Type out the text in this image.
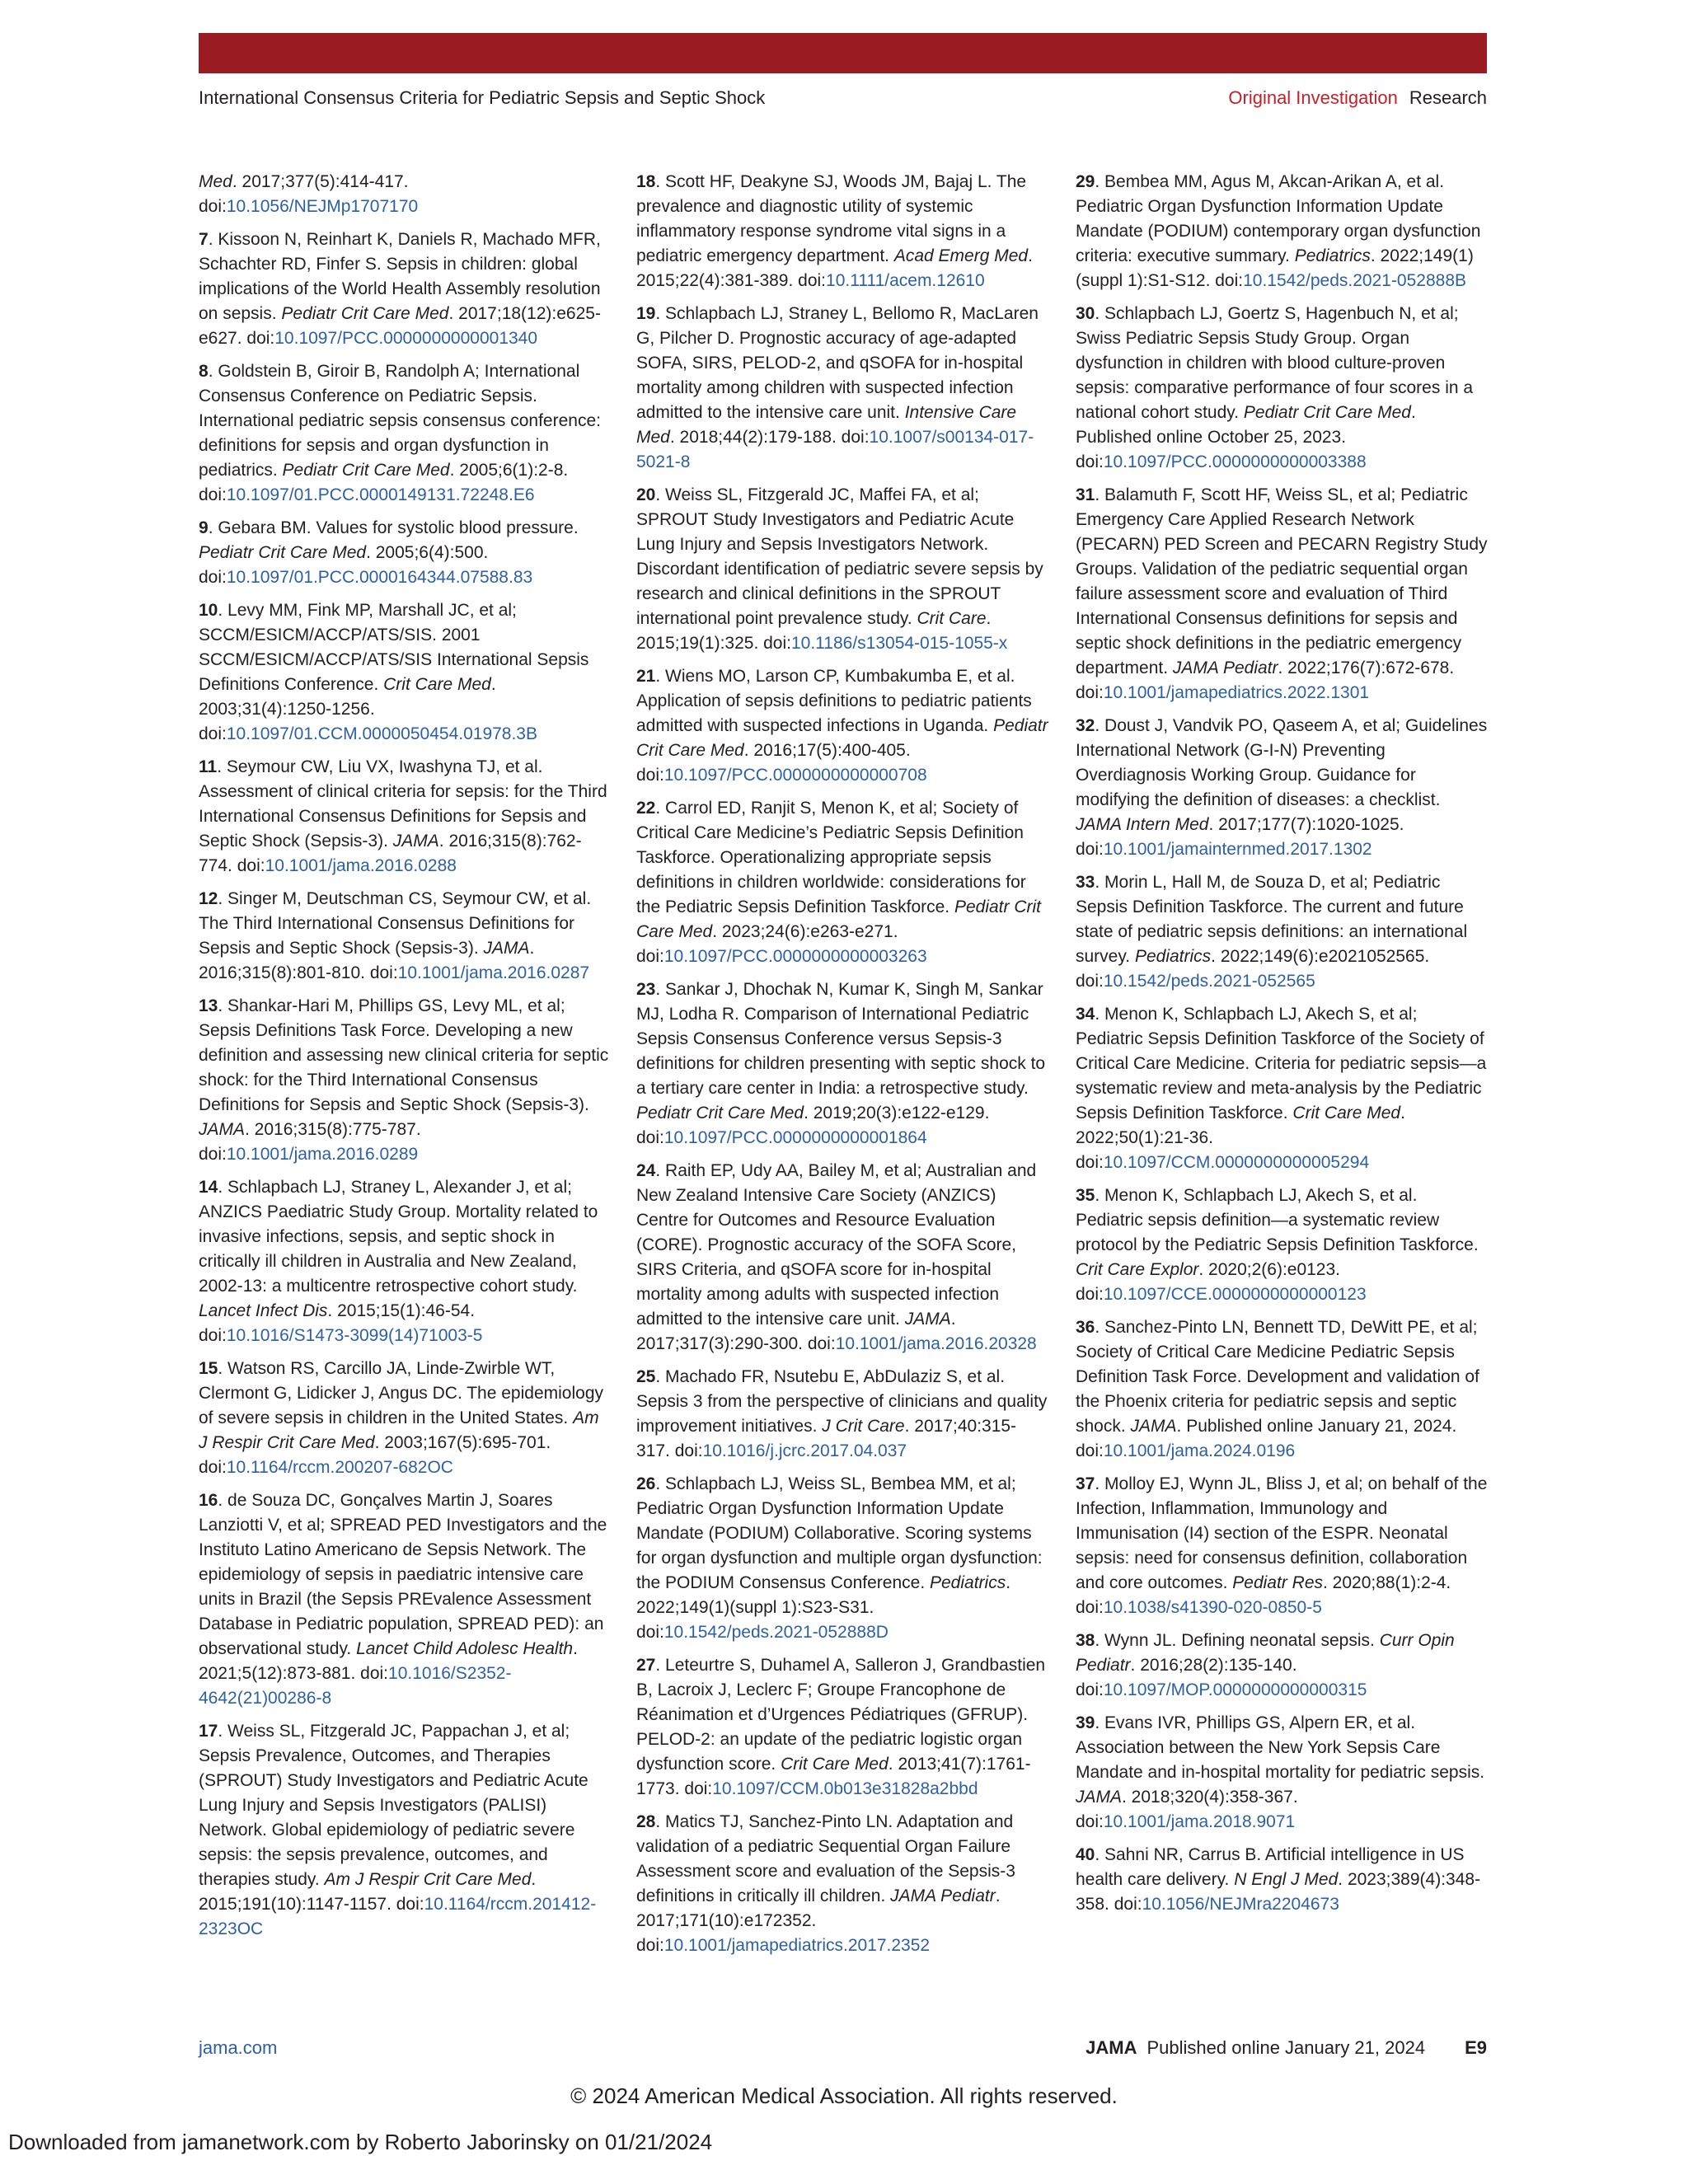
International Consensus Criteria for Pediatric Sepsis and Septic Shock	Original Investigation Research

Med. 2017;377(5):414-417. doi:10.1056/NEJMp1707170

7. Kissoon N, Reinhart K, Daniels R, Machado MFR, Schachter RD, Finfer S. Sepsis in children: global implications of the World Health Assembly resolution on sepsis. Pediatr Crit Care Med. 2017;18(12):e625-e627. doi:10.1097/PCC.0000000000001340

8. Goldstein B, Giroir B, Randolph A; International Consensus Conference on Pediatric Sepsis. International pediatric sepsis consensus conference: definitions for sepsis and organ dysfunction in pediatrics. Pediatr Crit Care Med. 2005;6(1):2-8. doi:10.1097/01.PCC.0000149131.72248.E6

9. Gebara BM. Values for systolic blood pressure. Pediatr Crit Care Med. 2005;6(4):500. doi:10.1097/01.PCC.0000164344.07588.83

10. Levy MM, Fink MP, Marshall JC, et al; SCCM/ESICM/ACCP/ATS/SIS. 2001 SCCM/ESICM/ACCP/ATS/SIS International Sepsis Definitions Conference. Crit Care Med. 2003;31(4):1250-1256. doi:10.1097/01.CCM.0000050454.01978.3B

11. Seymour CW, Liu VX, Iwashyna TJ, et al. Assessment of clinical criteria for sepsis: for the Third International Consensus Definitions for Sepsis and Septic Shock (Sepsis-3). JAMA. 2016;315(8):762-774. doi:10.1001/jama.2016.0288

12. Singer M, Deutschman CS, Seymour CW, et al. The Third International Consensus Definitions for Sepsis and Septic Shock (Sepsis-3). JAMA. 2016;315(8):801-810. doi:10.1001/jama.2016.0287

13. Shankar-Hari M, Phillips GS, Levy ML, et al; Sepsis Definitions Task Force. Developing a new definition and assessing new clinical criteria for septic shock: for the Third International Consensus Definitions for Sepsis and Septic Shock (Sepsis-3). JAMA. 2016;315(8):775-787. doi:10.1001/jama.2016.0289

14. Schlapbach LJ, Straney L, Alexander J, et al; ANZICS Paediatric Study Group. Mortality related to invasive infections, sepsis, and septic shock in critically ill children in Australia and New Zealand, 2002-13: a multicentre retrospective cohort study. Lancet Infect Dis. 2015;15(1):46-54. doi:10.1016/S1473-3099(14)71003-5

15. Watson RS, Carcillo JA, Linde-Zwirble WT, Clermont G, Lidicker J, Angus DC. The epidemiology of severe sepsis in children in the United States. Am J Respir Crit Care Med. 2003;167(5):695-701. doi:10.1164/rccm.200207-682OC

16. de Souza DC, Gonçalves Martin J, Soares Lanziotti V, et al; SPREAD PED Investigators and the Instituto Latino Americano de Sepsis Network. The epidemiology of sepsis in paediatric intensive care units in Brazil (the Sepsis PREvalence Assessment Database in Pediatric population, SPREAD PED): an observational study. Lancet Child Adolesc Health. 2021;5(12):873-881. doi:10.1016/S2352-4642(21)00286-8

17. Weiss SL, Fitzgerald JC, Pappachan J, et al; Sepsis Prevalence, Outcomes, and Therapies (SPROUT) Study Investigators and Pediatric Acute Lung Injury and Sepsis Investigators (PALISI) Network. Global epidemiology of pediatric severe sepsis: the sepsis prevalence, outcomes, and therapies study. Am J Respir Crit Care Med. 2015;191(10):1147-1157. doi:10.1164/rccm.201412-2323OC

18. Scott HF, Deakyne SJ, Woods JM, Bajaj L. The prevalence and diagnostic utility of systemic inflammatory response syndrome vital signs in a pediatric emergency department. Acad Emerg Med. 2015;22(4):381-389. doi:10.1111/acem.12610

19. Schlapbach LJ, Straney L, Bellomo R, MacLaren G, Pilcher D. Prognostic accuracy of age-adapted SOFA, SIRS, PELOD-2, and qSOFA for in-hospital mortality among children with suspected infection admitted to the intensive care unit. Intensive Care Med. 2018;44(2):179-188. doi:10.1007/s00134-017-5021-8

20. Weiss SL, Fitzgerald JC, Maffei FA, et al; SPROUT Study Investigators and Pediatric Acute Lung Injury and Sepsis Investigators Network. Discordant identification of pediatric severe sepsis by research and clinical definitions in the SPROUT international point prevalence study. Crit Care. 2015;19(1):325. doi:10.1186/s13054-015-1055-x

21. Wiens MO, Larson CP, Kumbakumba E, et al. Application of sepsis definitions to pediatric patients admitted with suspected infections in Uganda. Pediatr Crit Care Med. 2016;17(5):400-405. doi:10.1097/PCC.0000000000000708

22. Carrol ED, Ranjit S, Menon K, et al; Society of Critical Care Medicine’s Pediatric Sepsis Definition Taskforce. Operationalizing appropriate sepsis definitions in children worldwide: considerations for the Pediatric Sepsis Definition Taskforce. Pediatr Crit Care Med. 2023;24(6):e263-e271. doi:10.1097/PCC.0000000000003263

23. Sankar J, Dhochak N, Kumar K, Singh M, Sankar MJ, Lodha R. Comparison of International Pediatric Sepsis Consensus Conference versus Sepsis-3 definitions for children presenting with septic shock to a tertiary care center in India: a retrospective study. Pediatr Crit Care Med. 2019;20(3):e122-e129. doi:10.1097/PCC.0000000000001864

24. Raith EP, Udy AA, Bailey M, et al; Australian and New Zealand Intensive Care Society (ANZICS) Centre for Outcomes and Resource Evaluation (CORE). Prognostic accuracy of the SOFA Score, SIRS Criteria, and qSOFA score for in-hospital mortality among adults with suspected infection admitted to the intensive care unit. JAMA. 2017;317(3):290-300. doi:10.1001/jama.2016.20328

25. Machado FR, Nsutebu E, AbDulaziz S, et al. Sepsis 3 from the perspective of clinicians and quality improvement initiatives. J Crit Care. 2017;40:315-317. doi:10.1016/j.jcrc.2017.04.037

26. Schlapbach LJ, Weiss SL, Bembea MM, et al; Pediatric Organ Dysfunction Information Update Mandate (PODIUM) Collaborative. Scoring systems for organ dysfunction and multiple organ dysfunction: the PODIUM Consensus Conference. Pediatrics. 2022;149(1)(suppl 1):S23-S31. doi:10.1542/peds.2021-052888D

27. Leteurtre S, Duhamel A, Salleron J, Grandbastien B, Lacroix J, Leclerc F; Groupe Francophone de Réanimation et d’Urgences Pédiatriques (GFRUP). PELOD-2: an update of the pediatric logistic organ dysfunction score. Crit Care Med. 2013;41(7):1761-1773. doi:10.1097/CCM.0b013e31828a2bbd

28. Matics TJ, Sanchez-Pinto LN. Adaptation and validation of a pediatric Sequential Organ Failure Assessment score and evaluation of the Sepsis-3 definitions in critically ill children. JAMA Pediatr. 2017;171(10):e172352. doi:10.1001/jamapediatrics.2017.2352

29. Bembea MM, Agus M, Akcan-Arikan A, et al. Pediatric Organ Dysfunction Information Update Mandate (PODIUM) contemporary organ dysfunction criteria: executive summary. Pediatrics. 2022;149(1)(suppl 1):S1-S12. doi:10.1542/peds.2021-052888B

30. Schlapbach LJ, Goertz S, Hagenbuch N, et al; Swiss Pediatric Sepsis Study Group. Organ dysfunction in children with blood culture-proven sepsis: comparative performance of four scores in a national cohort study. Pediatr Crit Care Med. Published online October 25, 2023. doi:10.1097/PCC.0000000000003388

31. Balamuth F, Scott HF, Weiss SL, et al; Pediatric Emergency Care Applied Research Network (PECARN) PED Screen and PECARN Registry Study Groups. Validation of the pediatric sequential organ failure assessment score and evaluation of Third International Consensus definitions for sepsis and septic shock definitions in the pediatric emergency department. JAMA Pediatr. 2022;176(7):672-678. doi:10.1001/jamapediatrics.2022.1301

32. Doust J, Vandvik PO, Qaseem A, et al; Guidelines International Network (G-I-N) Preventing Overdiagnosis Working Group. Guidance for modifying the definition of diseases: a checklist. JAMA Intern Med. 2017;177(7):1020-1025. doi:10.1001/jamainternmed.2017.1302

33. Morin L, Hall M, de Souza D, et al; Pediatric Sepsis Definition Taskforce. The current and future state of pediatric sepsis definitions: an international survey. Pediatrics. 2022;149(6):e2021052565. doi:10.1542/peds.2021-052565

34. Menon K, Schlapbach LJ, Akech S, et al; Pediatric Sepsis Definition Taskforce of the Society of Critical Care Medicine. Criteria for pediatric sepsis—a systematic review and meta-analysis by the Pediatric Sepsis Definition Taskforce. Crit Care Med. 2022;50(1):21-36. doi:10.1097/CCM.0000000000005294

35. Menon K, Schlapbach LJ, Akech S, et al. Pediatric sepsis definition—a systematic review protocol by the Pediatric Sepsis Definition Taskforce. Crit Care Explor. 2020;2(6):e0123. doi:10.1097/CCE.0000000000000123

36. Sanchez-Pinto LN, Bennett TD, DeWitt PE, et al; Society of Critical Care Medicine Pediatric Sepsis Definition Task Force. Development and validation of the Phoenix criteria for pediatric sepsis and septic shock. JAMA. Published online January 21, 2024. doi:10.1001/jama.2024.0196

37. Molloy EJ, Wynn JL, Bliss J, et al; on behalf of the Infection, Inflammation, Immunology and Immunisation (I4) section of the ESPR. Neonatal sepsis: need for consensus definition, collaboration and core outcomes. Pediatr Res. 2020;88(1):2-4. doi:10.1038/s41390-020-0850-5

38. Wynn JL. Defining neonatal sepsis. Curr Opin Pediatr. 2016;28(2):135-140. doi:10.1097/MOP.0000000000000315

39. Evans IVR, Phillips GS, Alpern ER, et al. Association between the New York Sepsis Care Mandate and in-hospital mortality for pediatric sepsis. JAMA. 2018;320(4):358-367. doi:10.1001/jama.2018.9071

40. Sahni NR, Carrus B. Artificial intelligence in US health care delivery. N Engl J Med. 2023;389(4):348-358. doi:10.1056/NEJMra2204673

jama.com	JAMA Published online January 21, 2024 E9
© 2024 American Medical Association. All rights reserved.
Downloaded from jamanetwork.com by Roberto Jaborinsky on 01/21/2024
